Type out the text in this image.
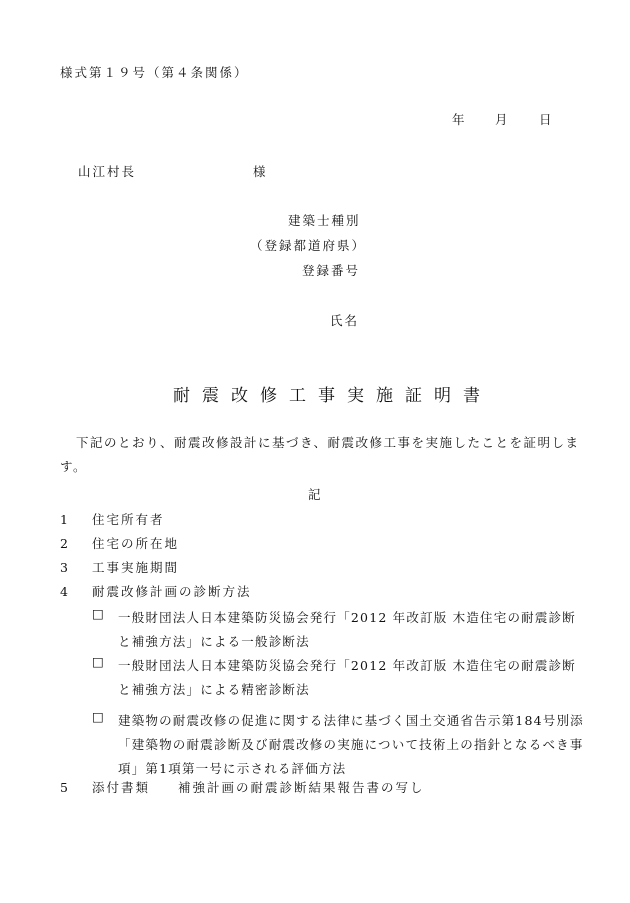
様式第１９号（第４条関係）
年 月	日
山江村長	様
建築士種別
（登録都道府県）
登録番号
氏名
耐震改修工事実施証明書
下記のとおり、耐震改修設計に基づき、耐震改修工事を実施したことを証明します。
記
1 住宅所有者
2 住宅の所在地
3 工事実施期間
4 耐震改修計画の診断方法
□ 一般財団法人日本建築防災協会発行「2012 年改訂版 木造住宅の耐震診断と補強方法」による一般診断法
□ 一般財団法人日本建築防災協会発行「2012 年改訂版 木造住宅の耐震診断と補強方法」による精密診断法
□ 建築物の耐震改修の促進に関する法律に基づく国土交通省告示第184号別添「建築物の耐震診断及び耐震改修の実施について技術上の指針となるべき事項」第1項第一号に示される評価方法
5 添付書類 補強計画の耐震診断結果報告書の写し
